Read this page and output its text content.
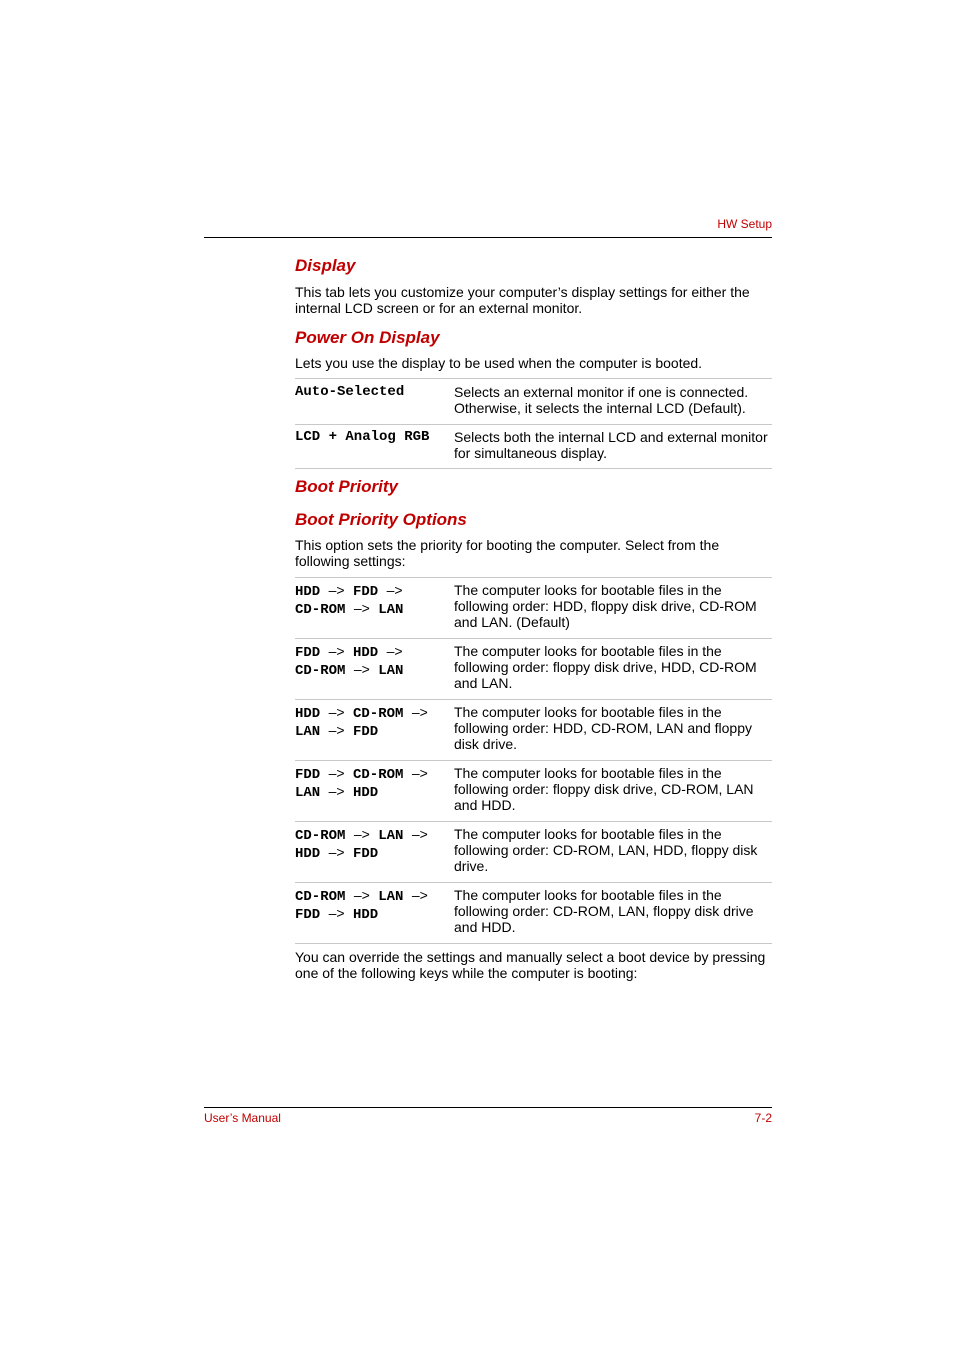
HW Setup
Display

This tab lets you customize your computer’s display settings for either the internal LCD screen or for an external monitor.

Power On Display

Lets you use the display to be used when the computer is booted.

Auto-Selected	Selects an external monitor if one is connected. Otherwise, it selects the internal LCD (Default).
LCD + Analog RGB	Selects both the internal LCD and external monitor for simultaneous display.
Boot Priority
Boot Priority Options

This option sets the priority for booting the computer. Select from the following settings:

HDD –> FDD –>
CD-ROM –> LAN	The computer looks for bootable files in the following order: HDD, floppy disk drive, CD-ROM and LAN. (Default)

FDD –> HDD –>
CD-ROM –> LAN	The computer looks for bootable files in the following order: floppy disk drive, HDD, CD-ROM and LAN.

HDD –> CD-ROM –>
LAN –> FDD	The computer looks for bootable files in the following order: HDD, CD-ROM, LAN and floppy disk drive.

FDD –> CD-ROM –>
LAN –> HDD	The computer looks for bootable files in the following order: floppy disk drive, CD-ROM, LAN and HDD.

CD-ROM –> LAN –>
HDD –> FDD	The computer looks for bootable files in the following order: CD-ROM, LAN, HDD, floppy disk drive.

CD-ROM –> LAN –>
FDD –> HDD	The computer looks for bootable files in the following order: CD-ROM, LAN, floppy disk drive and HDD.

You can override the settings and manually select a boot device by pressing one of the following keys while the computer is booting:

User’s Manual	7-2
